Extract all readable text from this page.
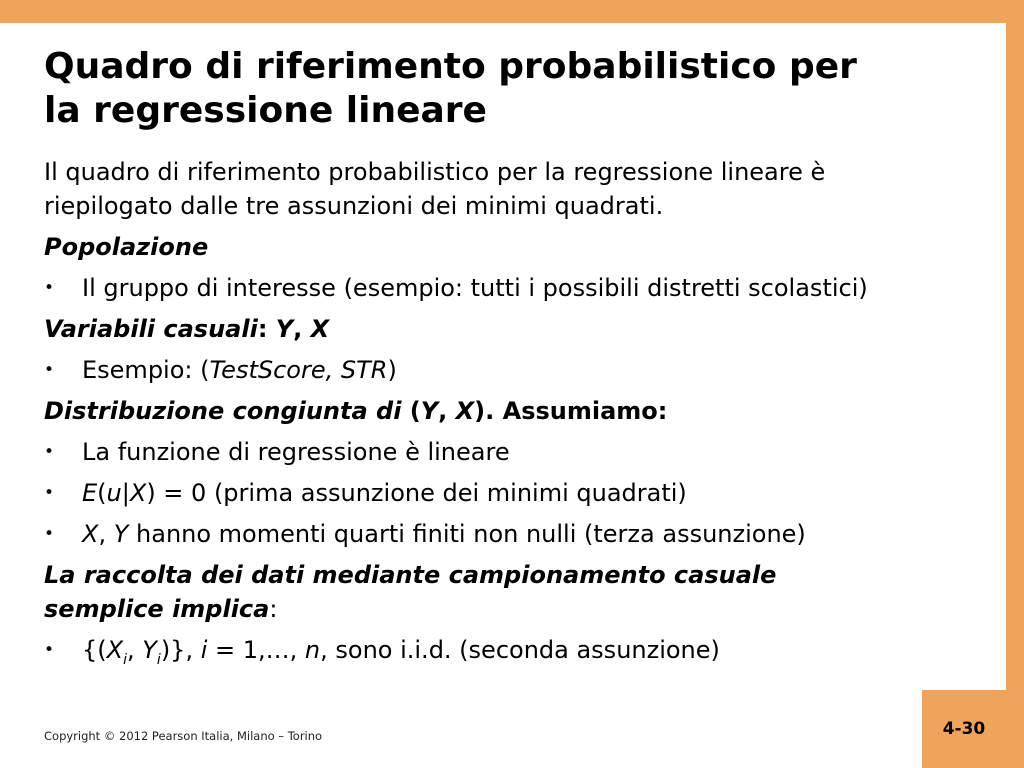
Quadro di riferimento probabilistico per
la regressione lineare
Il quadro di riferimento probabilistico per la regressione lineare è riepilogato dalle tre assunzioni dei minimi quadrati.
Popolazione
•	Il gruppo di interesse (esempio: tutti i possibili distretti scolastici)
Variabili casuali: Y, X
•	Esempio: (TestScore, STR)
Distribuzione congiunta di (Y, X). Assumiamo:
•	La funzione di regressione è lineare
•	E(u|X) = 0 (prima assunzione dei minimi quadrati)
•	X, Y hanno momenti quarti finiti non nulli (terza assunzione)
La raccolta dei dati mediante campionamento casuale
semplice implica:
•	{($X_i$, $Y_i$)}, i = 1,…, n, sono i.i.d. (seconda assunzione)
Copyright © 2012 Pearson Italia, Milano – Torino	4-30
